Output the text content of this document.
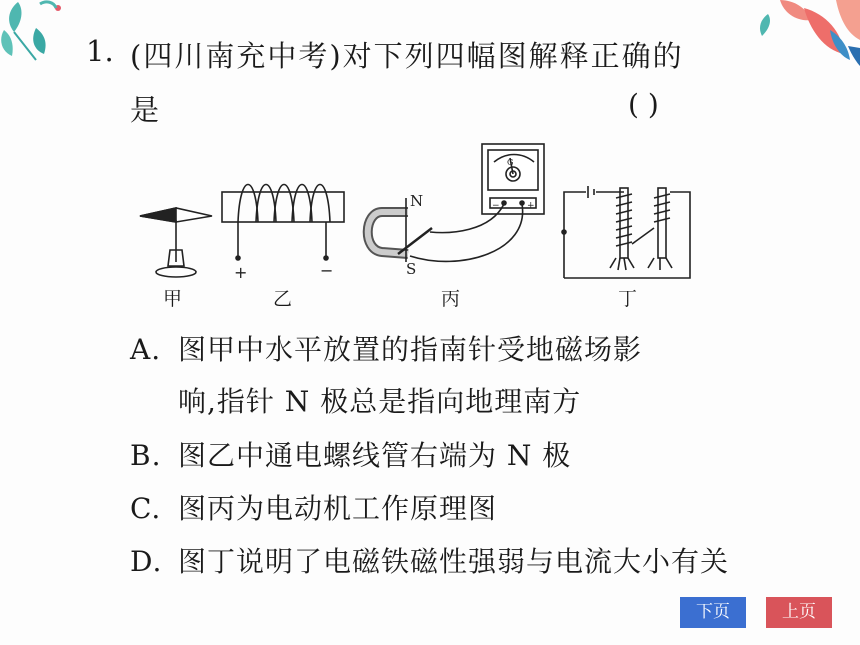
1. (四川南充中考)对下列四幅图解释正确的
是	( )
+	−
N
S
G
−	+
甲	乙	丙	丁
A. 图甲中水平放置的指南针受地磁场影
响,指针 N 极总是指向地理南方
B. 图乙中通电螺线管右端为 N 极
C. 图丙为电动机工作原理图
D. 图丁说明了电磁铁磁性强弱与电流大小有关
下页	上页
